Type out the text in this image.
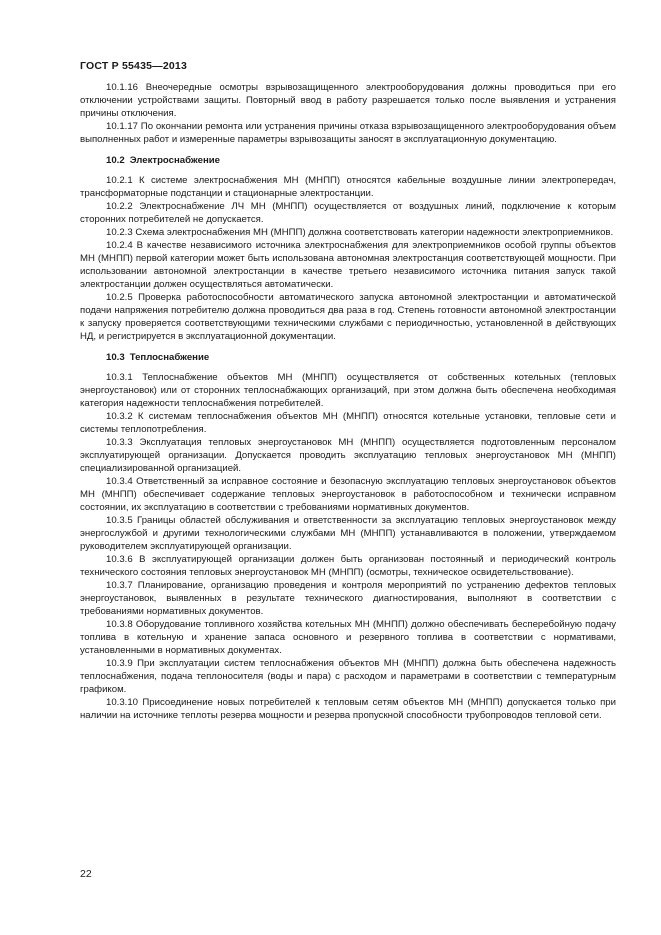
ГОСТ Р 55435—2013

10.1.16 Внеочередные осмотры взрывозащищенного электрооборудования должны проводиться при его отключении устройствами защиты. Повторный ввод в работу разрешается только после выявления и устранения причины отключения.

10.1.17 По окончании ремонта или устранения причины отказа взрывозащищенного электрооборудования объем выполненных работ и измеренные параметры взрывозащиты заносят в эксплуатационную документацию.

10.2 Электроснабжение

10.2.1 К системе электроснабжения МН (МНПП) относятся кабельные воздушные линии электропередач, трансформаторные подстанции и стационарные электростанции.

10.2.2 Электроснабжение ЛЧ МН (МНПП) осуществляется от воздушных линий, подключение к которым сторонних потребителей не допускается.

10.2.3 Схема электроснабжения МН (МНПП) должна соответствовать категории надежности электроприемников.

10.2.4 В качестве независимого источника электроснабжения для электроприемников особой группы объектов МН (МНПП) первой категории может быть использована автономная электростанция соответствующей мощности. При использовании автономной электростанции в качестве третьего независимого источника питания запуск такой электростанции должен осуществляться автоматически.

10.2.5 Проверка работоспособности автоматического запуска автономной электростанции и автоматической подачи напряжения потребителю должна проводиться два раза в год. Степень готовности автономной электростанции к запуску проверяется соответствующими техническими службами с периодичностью, установленной в действующих НД, и регистрируется в эксплуатационной документации.

10.3 Теплоснабжение

10.3.1 Теплоснабжение объектов МН (МНПП) осуществляется от собственных котельных (тепловых энергоустановок) или от сторонних теплоснабжающих организаций, при этом должна быть обеспечена необходимая категория надежности теплоснабжения потребителей.

10.3.2 К системам теплоснабжения объектов МН (МНПП) относятся котельные установки, тепловые сети и системы теплопотребления.

10.3.3 Эксплуатация тепловых энергоустановок МН (МНПП) осуществляется подготовленным персоналом эксплуатирующей организации. Допускается проводить эксплуатацию тепловых энергоустановок МН (МНПП) специализированной организацией.

10.3.4 Ответственный за исправное состояние и безопасную эксплуатацию тепловых энергоустановок объектов МН (МНПП) обеспечивает содержание тепловых энергоустановок в работоспособном и технически исправном состоянии, их эксплуатацию в соответствии с требованиями нормативных документов.

10.3.5 Границы областей обслуживания и ответственности за эксплуатацию тепловых энергоустановок между энергослужбой и другими технологическими службами МН (МНПП) устанавливаются в положении, утверждаемом руководителем эксплуатирующей организации.

10.3.6 В эксплуатирующей организации должен быть организован постоянный и периодический контроль технического состояния тепловых энергоустановок МН (МНПП) (осмотры, техническое освидетельствование).

10.3.7 Планирование, организацию проведения и контроля мероприятий по устранению дефектов тепловых энергоустановок, выявленных в результате технического диагностирования, выполняют в соответствии с требованиями нормативных документов.

10.3.8 Оборудование топливного хозяйства котельных МН (МНПП) должно обеспечивать бесперебойную подачу топлива в котельную и хранение запаса основного и резервного топлива в соответствии с нормативами, установленными в нормативных документах.

10.3.9 При эксплуатации систем теплоснабжения объектов МН (МНПП) должна быть обеспечена надежность теплоснабжения, подача теплоносителя (воды и пара) с расходом и параметрами в соответствии с температурным графиком.

10.3.10 Присоединение новых потребителей к тепловым сетям объектов МН (МНПП) допускается только при наличии на источнике теплоты резерва мощности и резерва пропускной способности трубопроводов тепловой сети.

22
